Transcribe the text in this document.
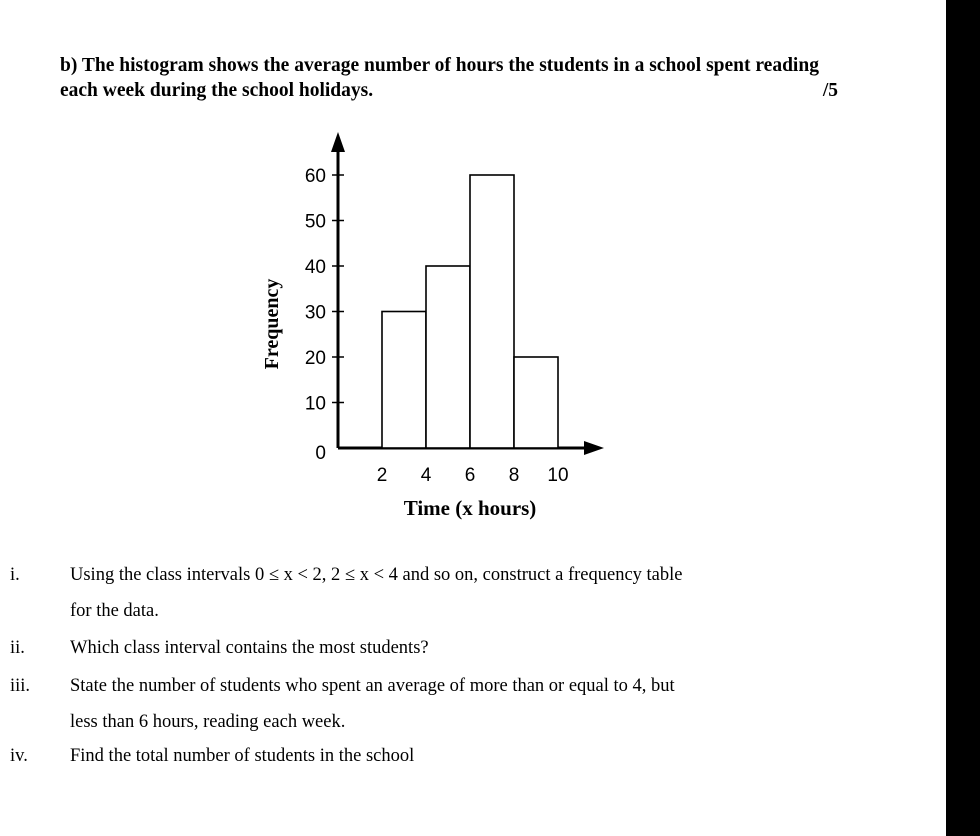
b) The histogram shows the average number of hours the students in a school spent reading
each week during the school holidays.	/5
0
10
20
30
40
50
60
2 4 6 8 10
Frequency
Time (x hours)
i.	Using the class intervals 0 ≤ x < 2, 2 ≤ x < 4 and so on, construct a frequency table
for the data.
ii. Which class interval contains the most students?
iii. State the number of students who spent an average of more than or equal to 4, but
less than 6 hours, reading each week.
iv. Find the total number of students in the school
